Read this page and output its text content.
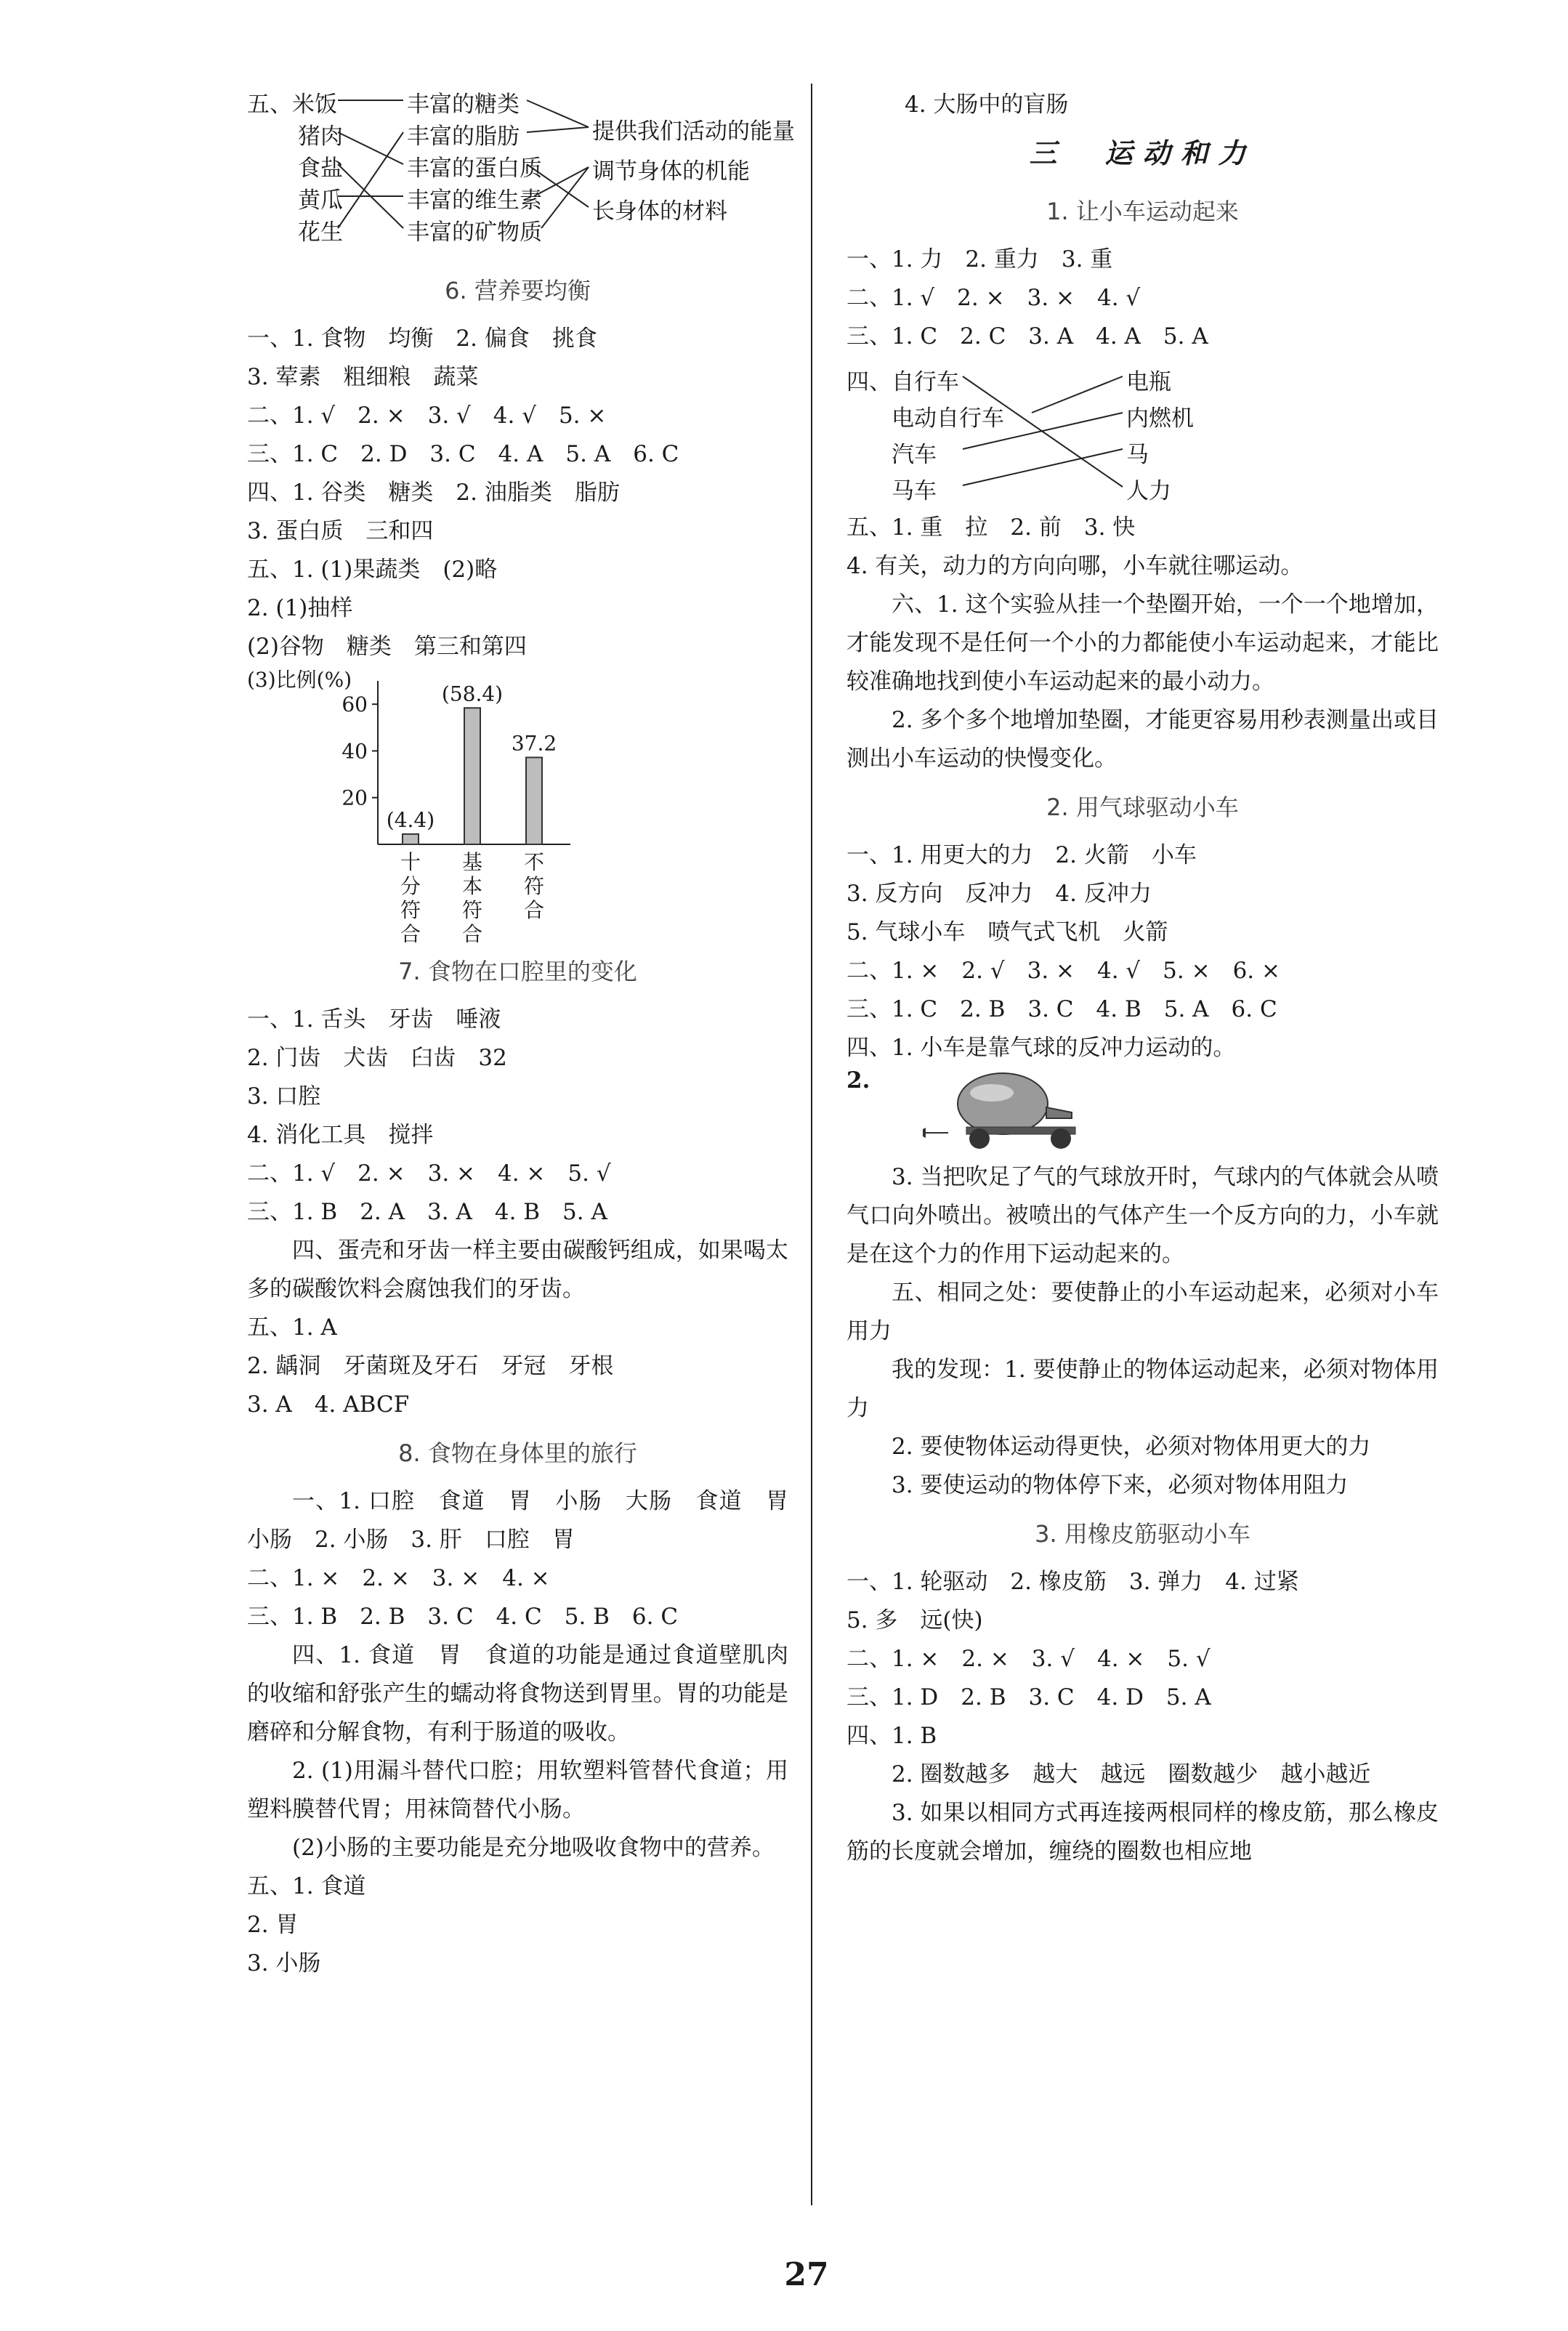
五、 米饭
猪肉
食盐
黄瓜
花生
丰富的糖类
丰富的脂肪
丰富的蛋白质
丰富的维生素
丰富的矿物质
提供我们活动的能量
调节身体的机能
长身体的材料
6. 营养要均衡
一、1. 食物　均衡　2. 偏食　挑食
3. 荤素　粗细粮　蔬菜
二、1. √　2. ×　3. √　4. √　5. ×
三、1. C　2. D　3. C　4. A　5. A　6. C
四、1. 谷类　糖类　2. 油脂类　脂肪
3. 蛋白质　三和四
五、1. (1)果蔬类　(2)略
2. (1)抽样
(2)谷物　糖类　第三和第四
(3)比例(%)
20
40
60
(4.4)
十
分
符
合
(58.4)
基
本
符
合
37.2
不
符
合
7. 食物在口腔里的变化
一、1. 舌头　牙齿　唾液
2. 门齿　犬齿　臼齿　32
3. 口腔
4. 消化工具　搅拌
二、1. √　2. ×　3. ×　4. ×　5. √
三、1. B　2. A　3. A　4. B　5. A
四、蛋壳和牙齿一样主要由碳酸钙组成，如果喝太多的碳酸饮料会腐蚀我们的牙齿。
五、1. A
2. 龋洞　牙菌斑及牙石　牙冠　牙根
3. A　4. ABCF
8. 食物在身体里的旅行
一、1. 口腔　食道　胃　小肠　大肠　食道　胃　小肠　2. 小肠　3. 肝　口腔　胃
二、1. ×　2. ×　3. ×　4. ×
三、1. B　2. B　3. C　4. C　5. B　6. C
四、1. 食道　胃　食道的功能是通过食道壁肌肉的收缩和舒张产生的蠕动将食物送到胃里。胃的功能是磨碎和分解食物，有利于肠道的吸收。
2. (1)用漏斗替代口腔；用软塑料管替代食道；用塑料膜替代胃；用袜筒替代小肠。
(2)小肠的主要功能是充分地吸收食物中的营养。
五、1. 食道
2. 胃
3. 小肠
4. 大肠中的盲肠
三　运动和力
1. 让小车运动起来
一、1. 力　2. 重力　3. 重
二、1. √　2. ×　3. ×　4. √
三、1. C　2. C　3. A　4. A　5. A
四、 自行车
电动自行车
汽车
马车
电瓶
内燃机
马
人力
五、1. 重　拉　2. 前　3. 快
4. 有关，动力的方向向哪，小车就往哪运动。
六、1. 这个实验从挂一个垫圈开始，一个一个地增加，才能发现不是任何一个小的力都能使小车运动起来，才能比较准确地找到使小车运动起来的最小动力。
2. 多个多个地增加垫圈，才能更容易用秒表测量出或目测出小车运动的快慢变化。
2. 用气球驱动小车
一、1. 用更大的力　2. 火箭　小车
3. 反方向　反冲力　4. 反冲力
5. 气球小车　喷气式飞机　火箭
二、1. ×　2. √　3. ×　4. √　5. ×　6. ×
三、1. C　2. B　3. C　4. B　5. A　6. C
四、1. 小车是靠气球的反冲力运动的。
2.
3. 当把吹足了气的气球放开时，气球内的气体就会从喷气口向外喷出。被喷出的气体产生一个反方向的力，小车就是在这个力的作用下运动起来的。
五、相同之处：要使静止的小车运动起来，必须对小车用力
我的发现：1. 要使静止的物体运动起来，必须对物体用力
2. 要使物体运动得更快，必须对物体用更大的力
3. 要使运动的物体停下来，必须对物体用阻力
3. 用橡皮筋驱动小车
一、1. 轮驱动　2. 橡皮筋　3. 弹力　4. 过紧
5. 多　远(快)
二、1. ×　2. ×　3. √　4. ×　5. √
三、1. D　2. B　3. C　4. D　5. A
四、1. B
2. 圈数越多　越大　越远　圈数越少　越小越近
3. 如果以相同方式再连接两根同样的橡皮筋，那么橡皮筋的长度就会增加，缠绕的圈数也相应地
27
